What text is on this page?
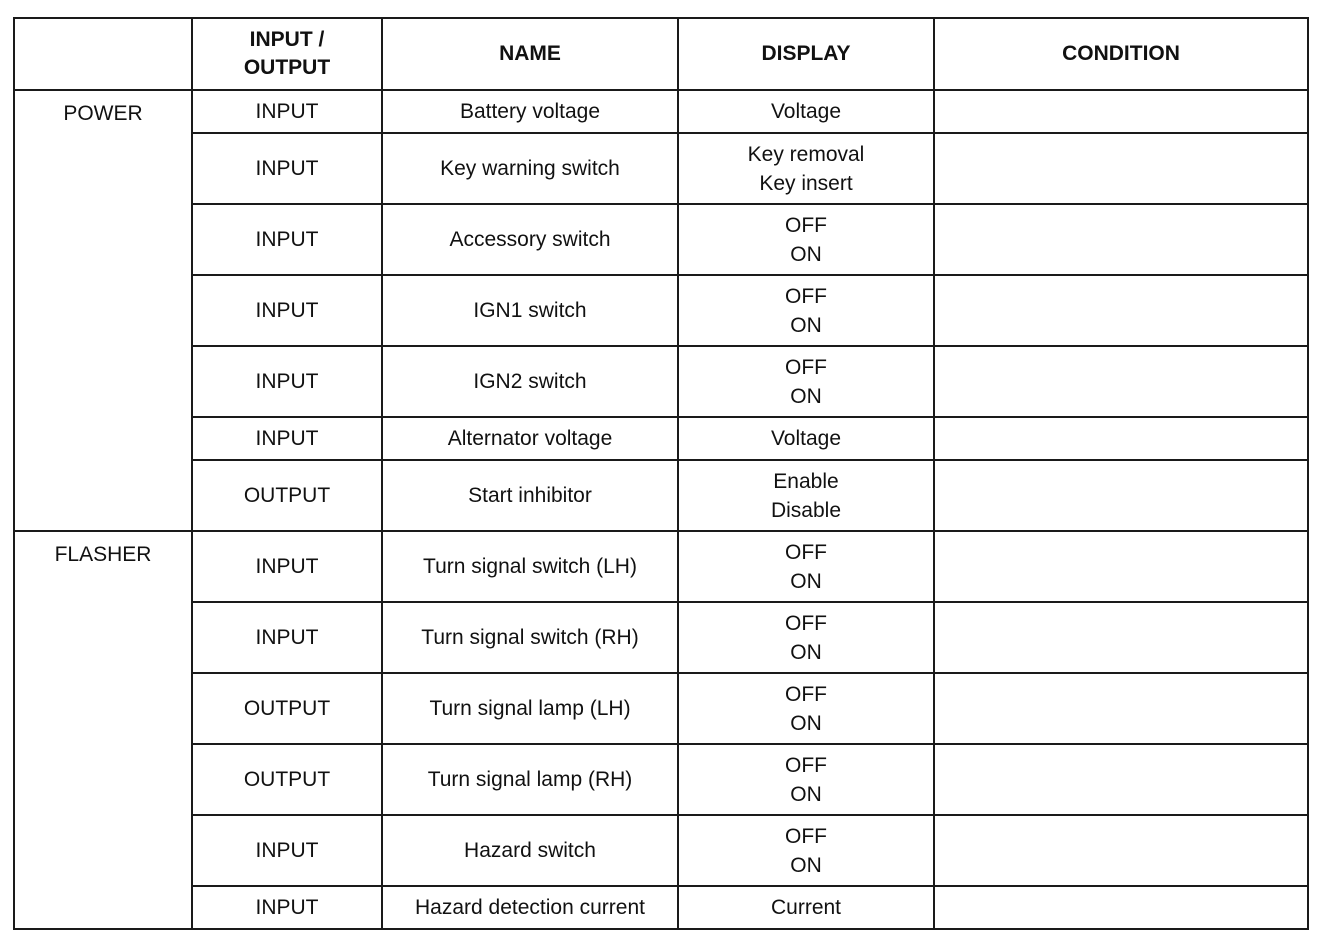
	INPUT /
OUTPUT	NAME	DISPLAY	CONDITION
POWER	INPUT	Battery voltage	Voltage	

	INPUT	Key warning switch	Key removal
Key insert	

	INPUT	Accessory switch	OFF
ON	

	INPUT	IGN1 switch	OFF
ON	

	INPUT	IGN2 switch	OFF
ON	

	INPUT	Alternator voltage	Voltage	

	OUTPUT	Start inhibitor	Enable
Disable	

FLASHER	INPUT	Turn signal switch (LH)	OFF
ON	

	INPUT	Turn signal switch (RH)	OFF
ON	

	OUTPUT	Turn signal lamp (LH)	OFF
ON	

	OUTPUT	Turn signal lamp (RH)	OFF
ON	

	INPUT	Hazard switch	OFF
ON	

	INPUT	Hazard detection current	Current	
